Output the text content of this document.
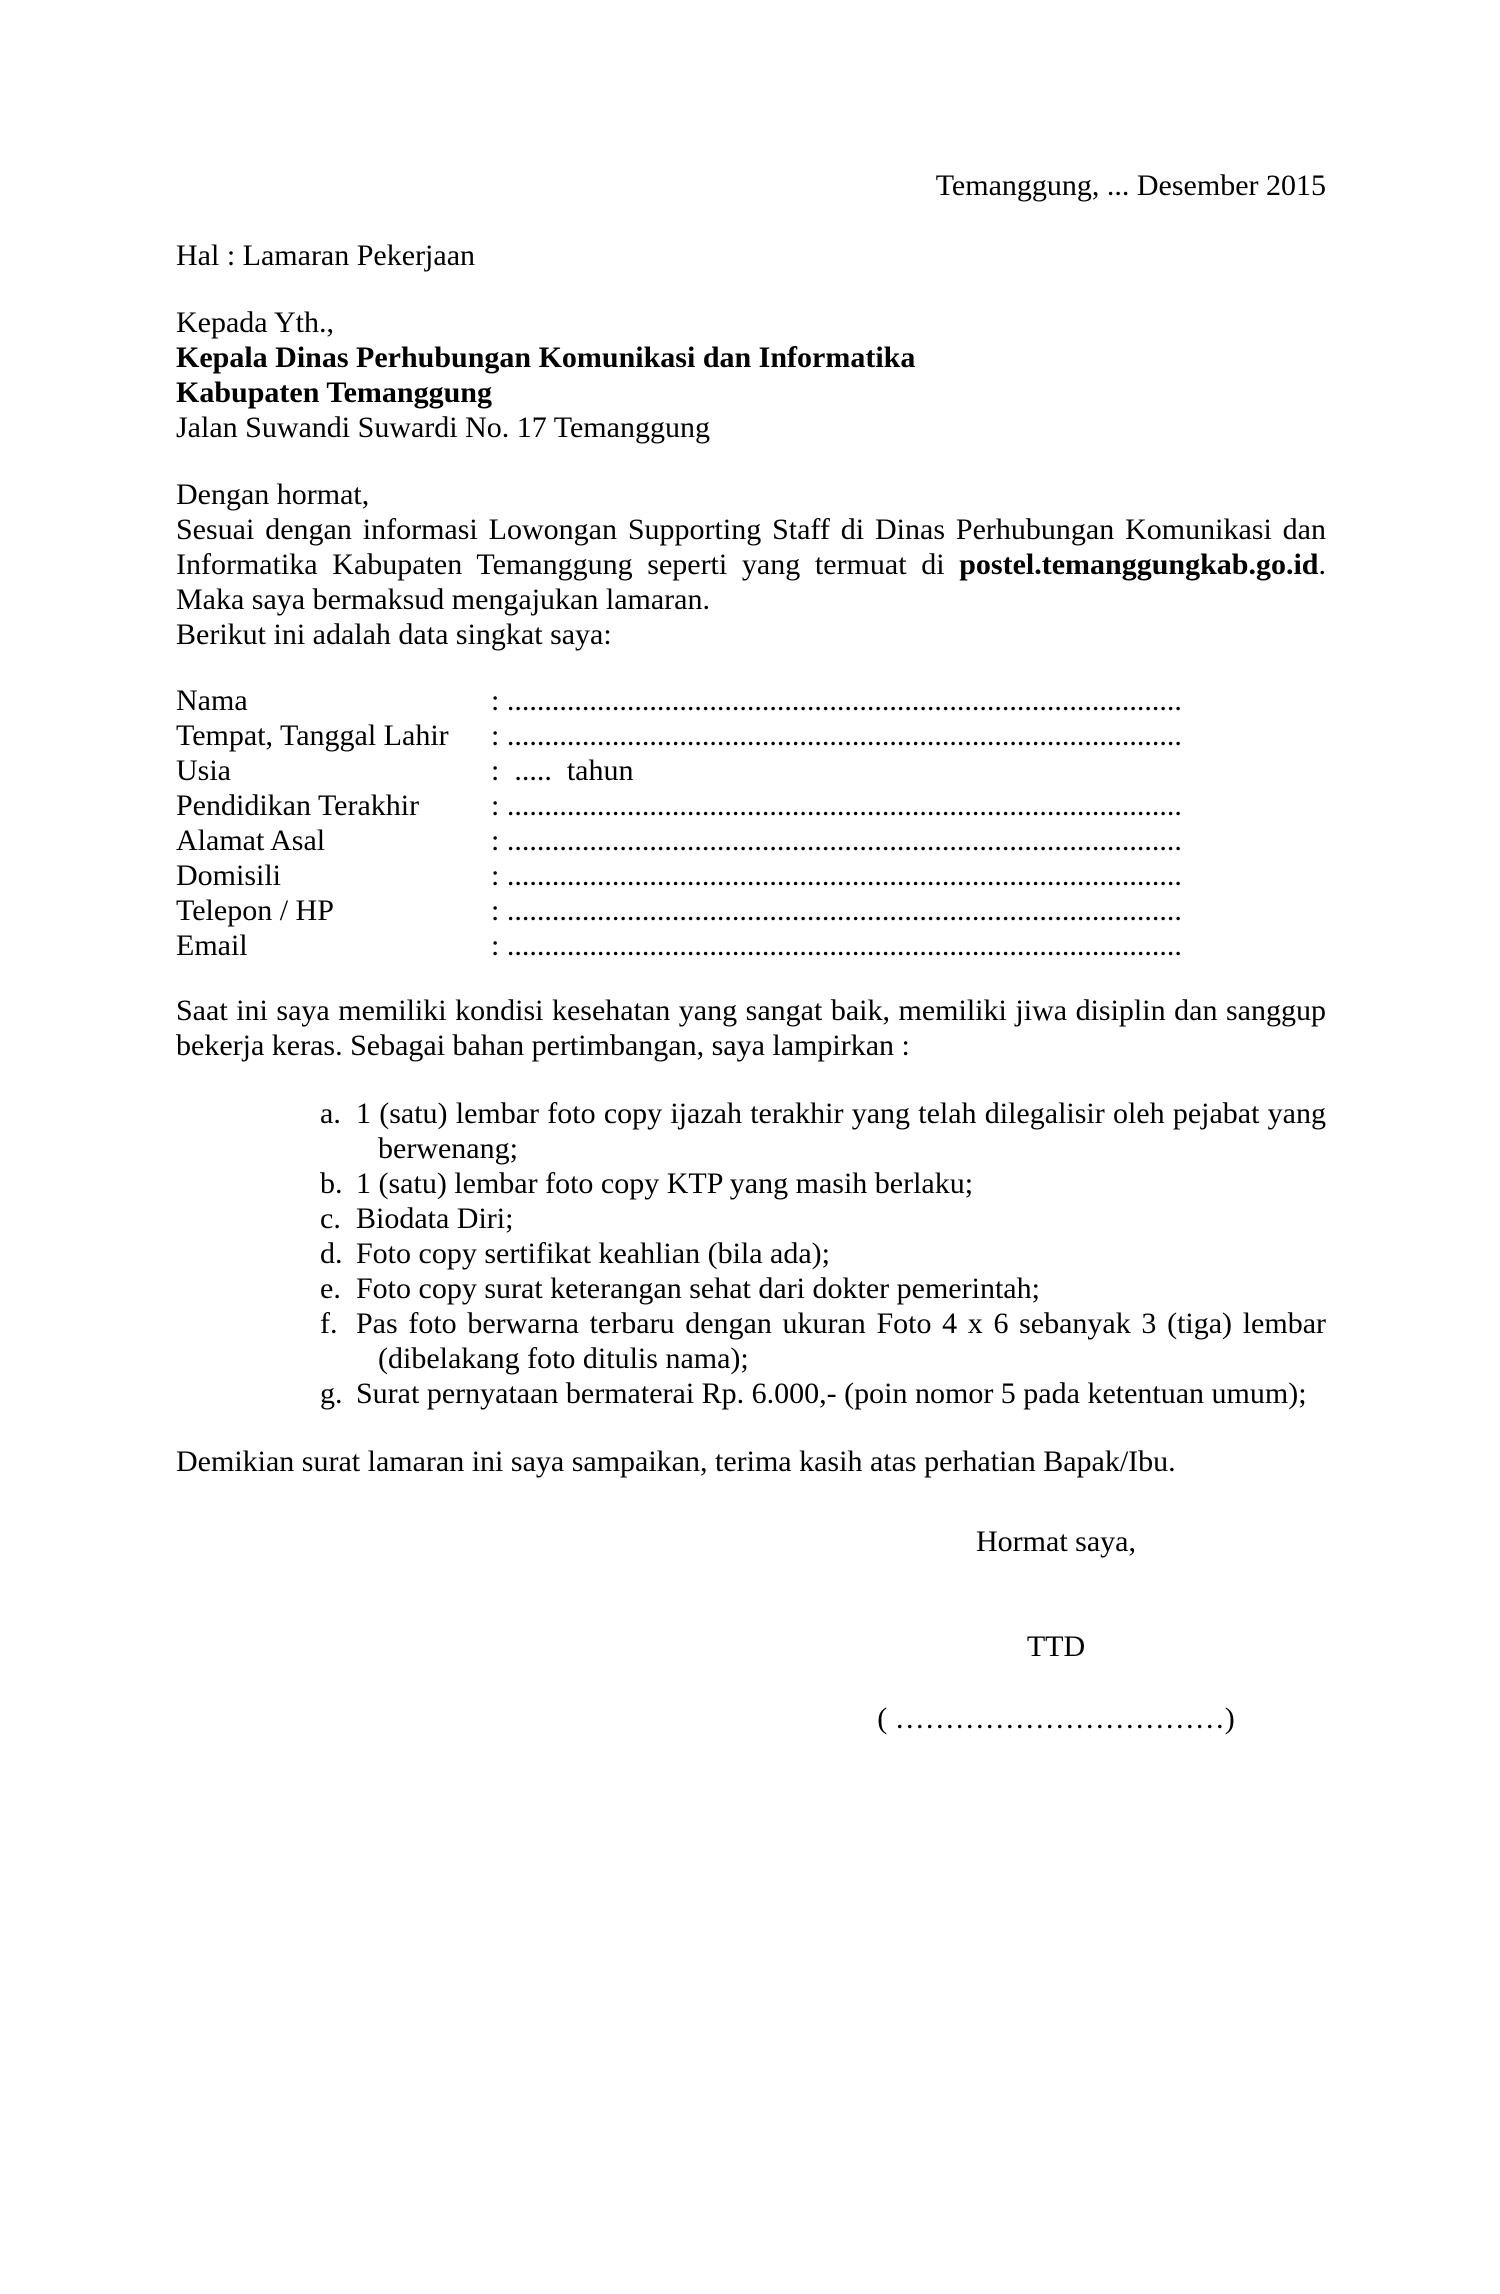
Temanggung, ... Desember 2015
Hal : Lamaran Pekerjaan
Kepada Yth.,
Kepala Dinas Perhubungan Komunikasi dan Informatika
Kabupaten Temanggung
Jalan Suwandi Suwardi No. 17 Temanggung
Dengan hormat,
Sesuai dengan informasi Lowongan Supporting Staff di Dinas Perhubungan Komunikasi dan Informatika Kabupaten Temanggung seperti yang termuat di postel.temanggungkab.go.id. Maka saya bermaksud mengajukan lamaran.
Berikut ini adalah data singkat saya:
Nama	: ..........................................................................................
Tempat, Tanggal Lahir	: ..........................................................................................
Usia	:  .....  tahun
Pendidikan Terakhir	: ..........................................................................................
Alamat Asal	: ..........................................................................................
Domisili	: ..........................................................................................
Telepon / HP	: ..........................................................................................
Email	: ..........................................................................................
Saat ini saya memiliki kondisi kesehatan yang sangat baik, memiliki jiwa disiplin dan sanggup bekerja keras. Sebagai bahan pertimbangan, saya lampirkan :
a. 1 (satu) lembar foto copy ijazah terakhir yang telah dilegalisir oleh pejabat yang berwenang;
b. 1 (satu) lembar foto copy KTP yang masih berlaku;
c. Biodata Diri;
d. Foto copy sertifikat keahlian (bila ada);
e. Foto copy surat keterangan sehat dari dokter pemerintah;
f. Pas foto berwarna terbaru dengan ukuran Foto 4 x 6 sebanyak 3 (tiga) lembar (dibelakang foto ditulis nama);
g. Surat pernyataan bermaterai Rp. 6.000,- (poin nomor 5 pada ketentuan umum);
Demikian surat lamaran ini saya sampaikan, terima kasih atas perhatian Bapak/Ibu.
Hormat saya,
TTD
( ……………………………)
